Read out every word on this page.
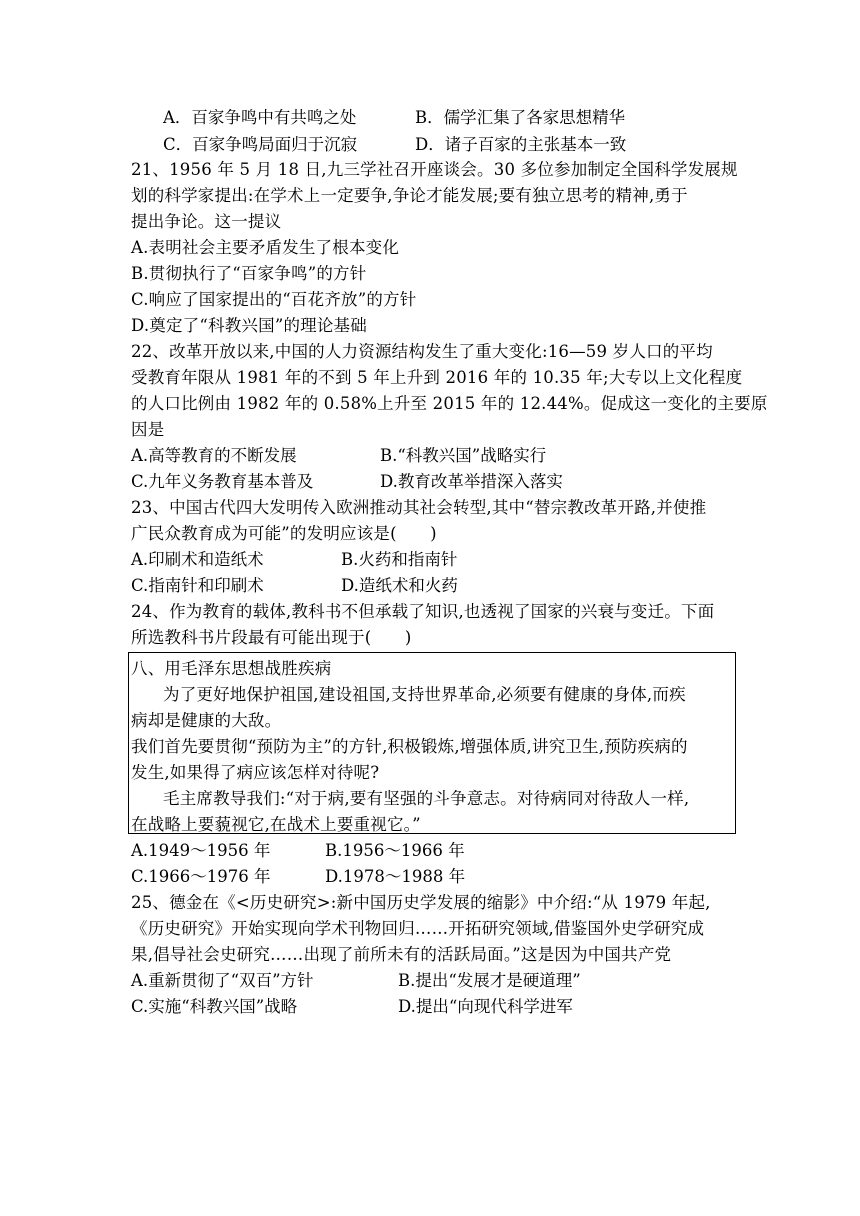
A．百家争鸣中有共鸣之处	B．儒学汇集了各家思想精华
C．百家争鸣局面归于沉寂	D．诸子百家的主张基本一致
21、1956 年 5 月 18 日,九三学社召开座谈会。30 多位参加制定全国科学发展规
划的科学家提出:在学术上一定要争,争论才能发展;要有独立思考的精神,勇于
提出争论。这一提议
A.表明社会主要矛盾发生了根本变化
B.贯彻执行了“百家争鸣”的方针
C.响应了国家提出的“百花齐放”的方针
D.奠定了“科教兴国”的理论基础
22、改革开放以来,中国的人力资源结构发生了重大变化:16—59 岁人口的平均
受教育年限从 1981 年的不到 5 年上升到 2016 年的 10.35 年;大专以上文化程度
的人口比例由 1982 年的 0.58%上升至 2015 年的 12.44%。促成这一变化的主要原
因是
A.高等教育的不断发展	B.“科教兴国”战略实行
C.九年义务教育基本普及	D.教育改革举措深入落实
23、中国古代四大发明传入欧洲推动其社会转型,其中“替宗教改革开路,并使推
广民众教育成为可能”的发明应该是(　　)
A.印刷术和造纸术	B.火药和指南针
C.指南针和印刷术	D.造纸术和火药
24、作为教育的载体,教科书不但承载了知识,也透视了国家的兴衰与变迁。下面
所选教科书片段最有可能出现于(　　)
八、用毛泽东思想战胜疾病
为了更好地保护祖国,建设祖国,支持世界革命,必须要有健康的身体,而疾
病却是健康的大敌。
我们首先要贯彻“预防为主”的方针,积极锻炼,增强体质,讲究卫生,预防疾病的
发生,如果得了病应该怎样对待呢?
毛主席教导我们:“对于病,要有坚强的斗争意志。对待病同对待敌人一样,
在战略上要藐视它,在战术上要重视它。”
A.1949～1956 年	B.1956～1966 年
C.1966～1976 年	D.1978～1988 年
25、德金在《<历史研究>:新中国历史学发展的缩影》中介绍:“从 1979 年起,
《历史研究》开始实现向学术刊物回归……开拓研究领域,借鉴国外史学研究成
果,倡导社会史研究……出现了前所未有的活跃局面。”这是因为中国共产党
A.重新贯彻了“双百”方针	B.提出“发展才是硬道理”
C.实施“科教兴国”战略	D.提出“向现代科学进军
